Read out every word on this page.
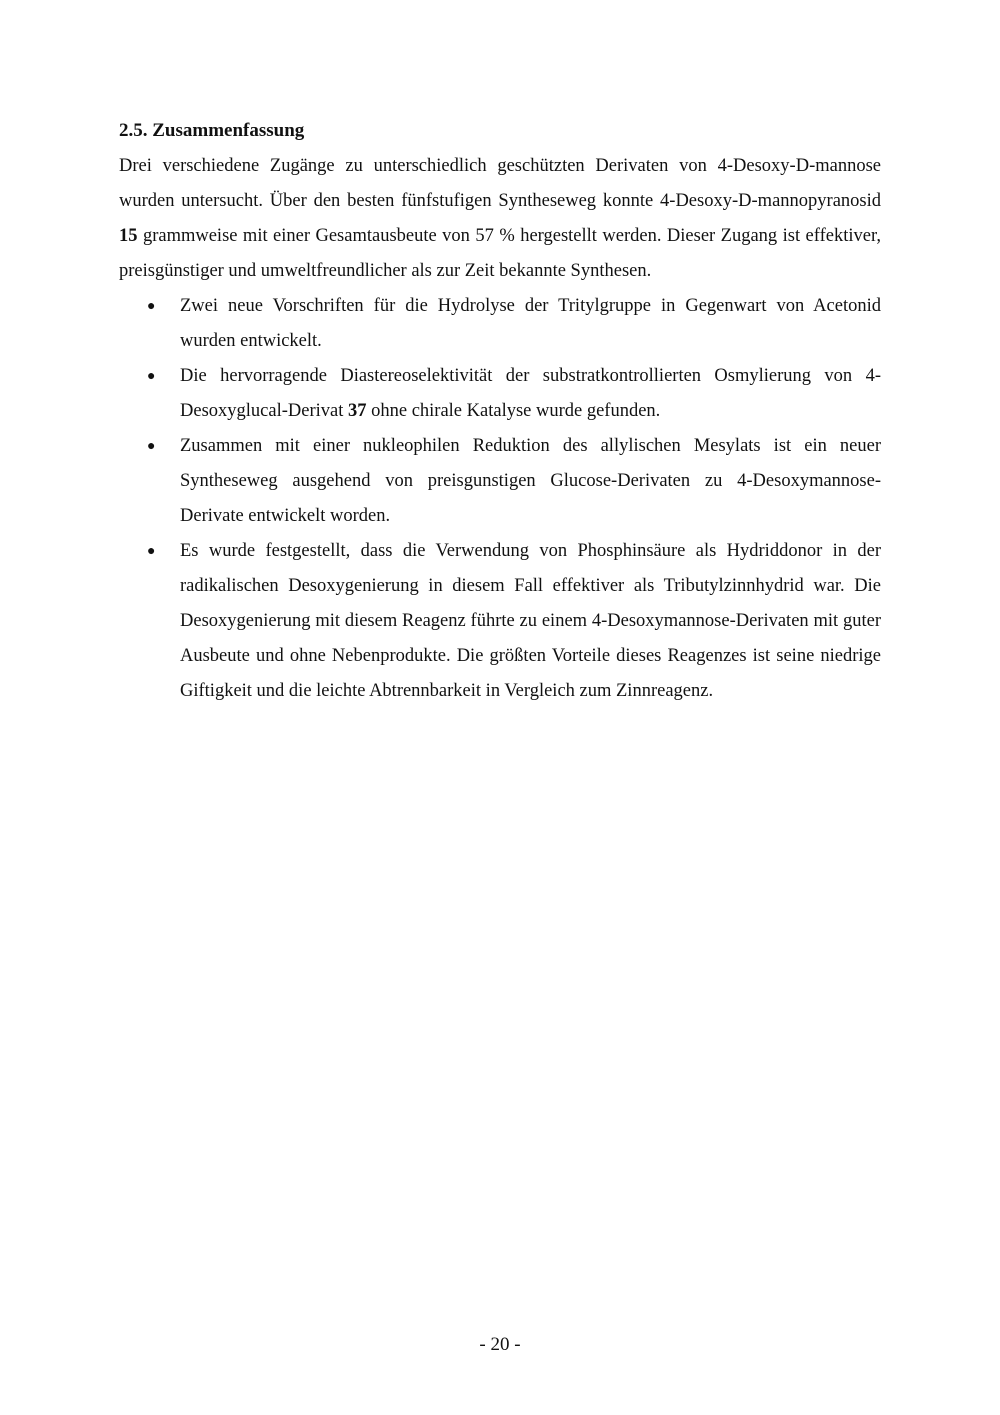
2.5. Zusammenfassung

Drei verschiedene Zugänge zu unterschiedlich geschützten Derivaten von 4-Desoxy-D-mannose wurden untersucht. Über den besten fünfstufigen Syntheseweg konnte 4-Desoxy-D-mannopyranosid 15 grammweise mit einer Gesamtausbeute von 57 % hergestellt werden. Dieser Zugang ist effektiver, preisgünstiger und umweltfreundlicher als zur Zeit bekannte Synthesen.

● Zwei neue Vorschriften für die Hydrolyse der Tritylgruppe in Gegenwart von Acetonid wurden entwickelt.
● Die hervorragende Diastereoselektivität der substratkontrollierten Osmylierung von 4-Desoxyglucal-Derivat 37 ohne chirale Katalyse wurde gefunden.
● Zusammen mit einer nukleophilen Reduktion des allylischen Mesylats ist ein neuer Syntheseweg ausgehend von preisgunstigen Glucose-Derivaten zu 4-Desoxymannose-Derivate entwickelt worden.
● Es wurde festgestellt, dass die Verwendung von Phosphinsäure als Hydriddonor in der radikalischen Desoxygenierung in diesem Fall effektiver als Tributylzinnhydrid war. Die Desoxygenierung mit diesem Reagenz führte zu einem 4-Desoxymannose-Derivaten mit guter Ausbeute und ohne Nebenprodukte. Die größten Vorteile dieses Reagenzes ist seine niedrige Giftigkeit und die leichte Abtrennbarkeit in Vergleich zum Zinnreagenz.
- 20 -
